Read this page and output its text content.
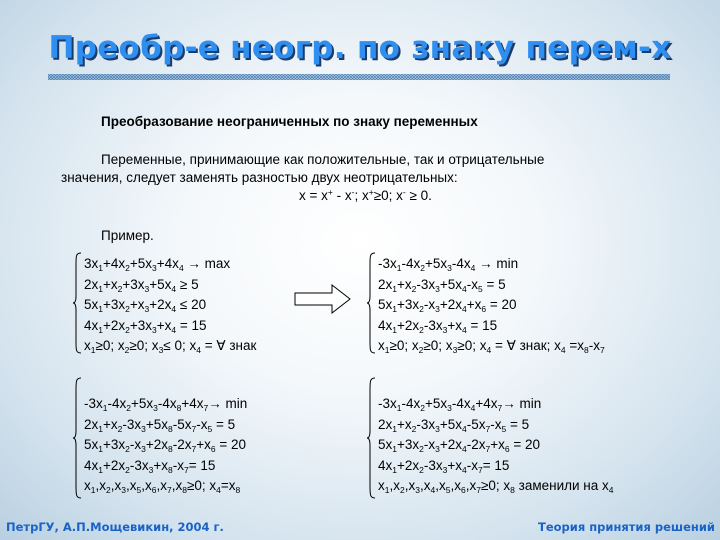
Преобр-е неогр. по знаку перем-х
Преобразование неограниченных по знаку переменных
Переменные, принимающие как положительные, так и отрицательные
значения, следует заменять разностью двух неотрицательных:
x = x+ - x-; x+≥0; x- ≥ 0.
Пример.
$3x_1+4x_2+5x_3+4x_4 \to \max$
$2x_1+x_2+3x_3+5x_4 \ge 5$
$5x_1+3x_2+x_3+2x_4 \le 20$
$4x_1+2x_2+3x_3+x_4 = 15$
$x_1\ge 0$; $x_2\ge 0$; $x_3\le 0$; $x_4$ = ∀ знак
$-3x_1-4x_2+5x_3-4x_4 \to \min$
$2x_1+x_2-3x_3+5x_4-x_5 = 5$
$5x_1+3x_2-x_3+2x_4+x_6 = 20$
$4x_1+2x_2-3x_3+x_4 = 15$
$x_1\ge 0$; $x_2\ge 0$; $x_3\ge 0$; $x_4$ = ∀ знак; $x_4 =x_8-x_7$
$-3x_1-4x_2+5x_3-4x_8+4x_7\to \min$
$2x_1+x_2-3x_3+5x_8-5x_7-x_5 = 5$
$5x_1+3x_2-x_3+2x_8-2x_7+x_6 = 20$
$4x_1+2x_2-3x_3+x_8-x_7= 15$
$x_1,x_2,x_3,x_5,x_6,x_7,x_8\ge 0$; $x_4=x_8$
$-3x_1-4x_2+5x_3-4x_4+4x_7\to \min$
$2x_1+x_2-3x_3+5x_4-5x_7-x_5 = 5$
$5x_1+3x_2-x_3+2x_4-2x_7+x_6 = 20$
$4x_1+2x_2-3x_3+x_4-x_7= 15$
$x_1,x_2,x_3,x_4,x_5,x_6,x_7\ge 0$; $x_8$ заменили на $x_4$
ПетрГУ, А.П.Мощевикин, 2004 г.	Теория принятия решений
